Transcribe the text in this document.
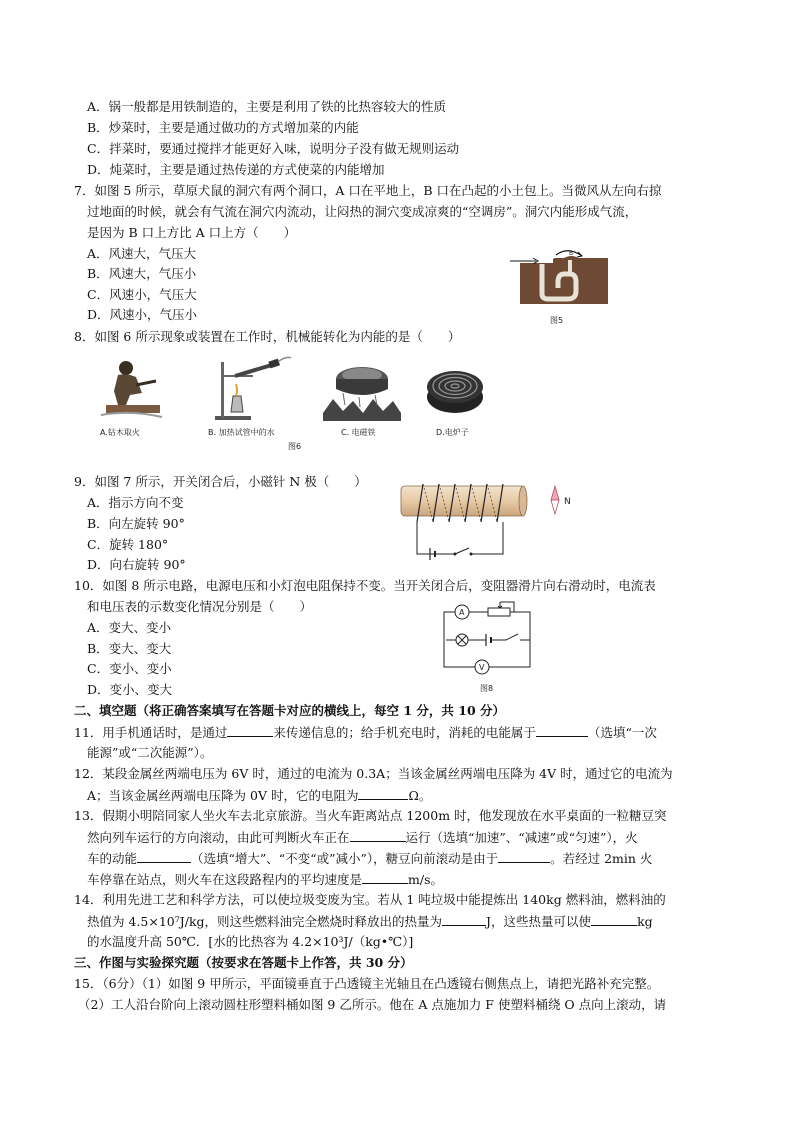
A．锅一般都是用铁制造的，主要是利用了铁的比热容较大的性质
B．炒菜时，主要是通过做功的方式增加菜的内能
C．拌菜时，要通过搅拌才能更好入味，说明分子没有做无规则运动
D．炖菜时，主要是通过热传递的方式使菜的内能增加
7．如图 5 所示，草原犬鼠的洞穴有两个洞口，A 口在平地上，B 口在凸起的小土包上。当微风从左向右掠
过地面的时候，就会有气流在洞穴内流动，让闷热的洞穴变成凉爽的“空调房”。洞穴内能形成气流，
是因为 B 口上方比 A 口上方（　　）
A．风速大，气压大
B．风速大，气压小
C．风速小，气压大
D．风速小，气压小
A
B
图5
8．如图 6 所示现象或装置在工作时，机械能转化为内能的是（　　）
A.钻木取火	B. 加热试管中的水	C. 电磁铁	D.电炉子
图6
9．如图 7 所示，开关闭合后，小磁针 N 极（　　）
A．指示方向不变
B．向左旋转 90°
C．旋转 180°
D．向右旋转 90°
N
10．如图 8 所示电路，电源电压和小灯泡电阻保持不变。当开关闭合后，变阻器滑片向右滑动时，电流表
和电压表的示数变化情况分别是（　　）
A．变大、变小
B．变大、变大
C．变小、变小
D．变小、变大
A
V
图8
二、填空题（将正确答案填写在答题卡对应的横线上，每空 1 分，共 10 分）
11．用手机通话时，是通过	来传递信息的；给手机充电时，消耗的电能属于	（选填“一次
能源”或“二次能源”）。
12．某段金属丝两端电压为 6V 时，通过的电流为 0.3A；当该金属丝两端电压降为 4V 时，通过它的电流为
A；当该金属丝两端电压降为 0V 时，它的电阻为	Ω。
13．假期小明陪同家人坐火车去北京旅游。当火车距离站点 1200m 时，他发现放在水平桌面的一粒糖豆突
然向列车运行的方向滚动，由此可判断火车正在	运行（选填“加速”、“减速”或“匀速”），火
车的动能	（选填“增大”、“不变“或”减小”），糖豆向前滚动是由于	。若经过 2min 火
车停靠在站点，则火车在这段路程内的平均速度是	m/s。
14．利用先进工艺和科学方法，可以使垃圾变废为宝。若从 1 吨垃圾中能提炼出 140kg 燃料油，燃料油的
热值为 4.5×10⁷J/kg，则这些燃料油完全燃烧时释放出的热量为	J，这些热量可以使	kg
的水温度升高 50℃．[水的比热容为 4.2×10³J/（kg•℃）]
三、作图与实验探究题（按要求在答题卡上作答，共 30 分）
15．（6分）（1）如图 9 甲所示，平面镜垂直于凸透镜主光轴且在凸透镜右侧焦点上，请把光路补充完整。
（2）工人沿台阶向上滚动圆柱形塑料桶如图 9 乙所示。他在 A 点施加力 F 使塑料桶绕 O 点向上滚动，请
